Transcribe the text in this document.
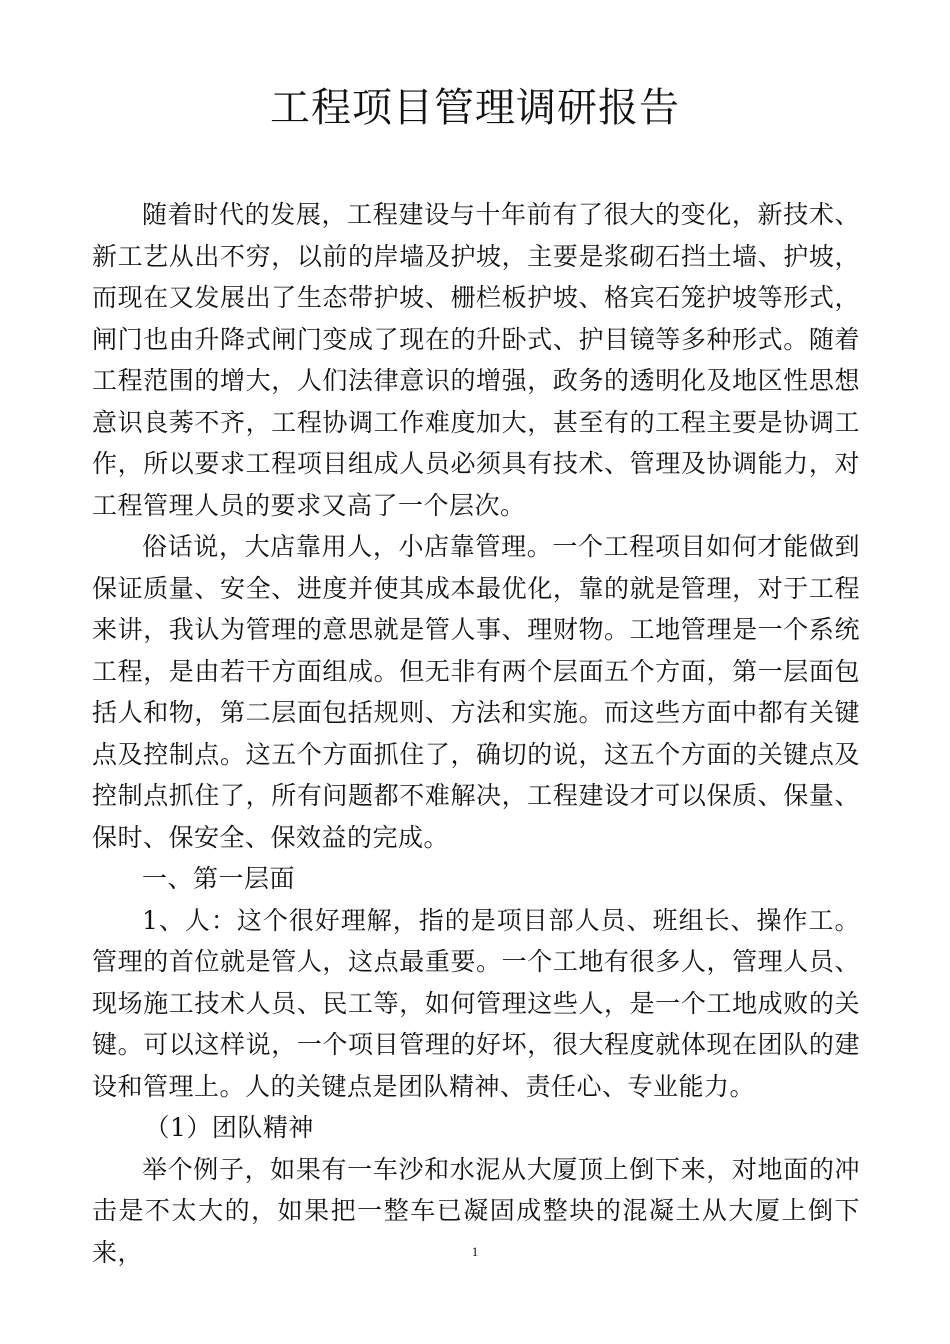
工程项目管理调研报告

随着时代的发展，工程建设与十年前有了很大的变化，新技术、新工艺从出不穷，以前的岸墙及护坡，主要是浆砌石挡土墙、护坡，而现在又发展出了生态带护坡、栅栏板护坡、格宾石笼护坡等形式，闸门也由升降式闸门变成了现在的升卧式、护目镜等多种形式。随着工程范围的增大，人们法律意识的增强，政务的透明化及地区性思想意识良莠不齐，工程协调工作难度加大，甚至有的工程主要是协调工作，所以要求工程项目组成人员必须具有技术、管理及协调能力，对工程管理人员的要求又高了一个层次。

俗话说，大店靠用人，小店靠管理。一个工程项目如何才能做到保证质量、安全、进度并使其成本最优化，靠的就是管理，对于工程来讲，我认为管理的意思就是管人事、理财物。工地管理是一个系统工程，是由若干方面组成。但无非有两个层面五个方面，第一层面包括人和物，第二层面包括规则、方法和实施。而这些方面中都有关键点及控制点。这五个方面抓住了，确切的说，这五个方面的关键点及控制点抓住了，所有问题都不难解决，工程建设才可以保质、保量、保时、保安全、保效益的完成。

一、第一层面

1、人：这个很好理解，指的是项目部人员、班组长、操作工。管理的首位就是管人，这点最重要。一个工地有很多人，管理人员、现场施工技术人员、民工等，如何管理这些人，是一个工地成败的关键。可以这样说，一个项目管理的好坏，很大程度就体现在团队的建设和管理上。人的关键点是团队精神、责任心、专业能力。

（1）团队精神

举个例子，如果有一车沙和水泥从大厦顶上倒下来，对地面的冲击是不太大的，如果把一整车已凝固成整块的混凝土从大厦上倒下来，	1
